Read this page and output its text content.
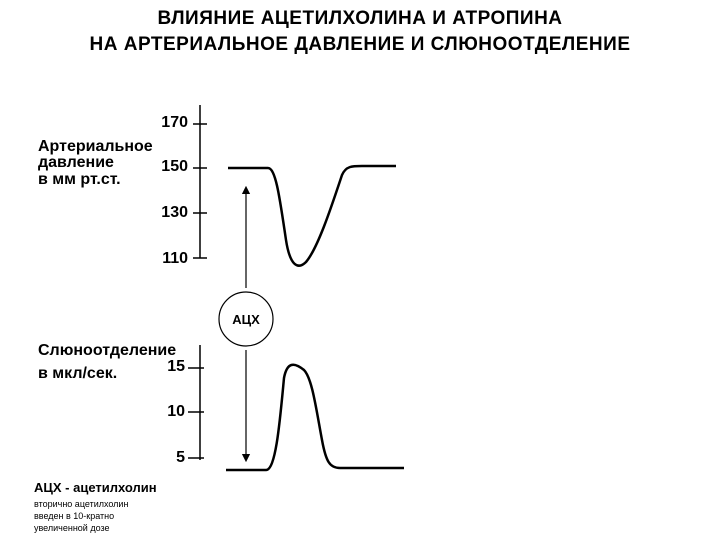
ВЛИЯНИЕ АЦЕТИЛХОЛИНА И АТРОПИНА
НА АРТЕРИАЛЬНОЕ ДАВЛЕНИЕ И СЛЮНООТДЕЛЕНИЕ
Артериальное
давление
в мм рт.ст.
170
150
130
110
Слюноотделение
в мкл/сек.	15
10
5
АЦХ
АЦХ - ацетилхолин
вторично ацетилхолин
введен в 10-кратно
увеличенной дозе
